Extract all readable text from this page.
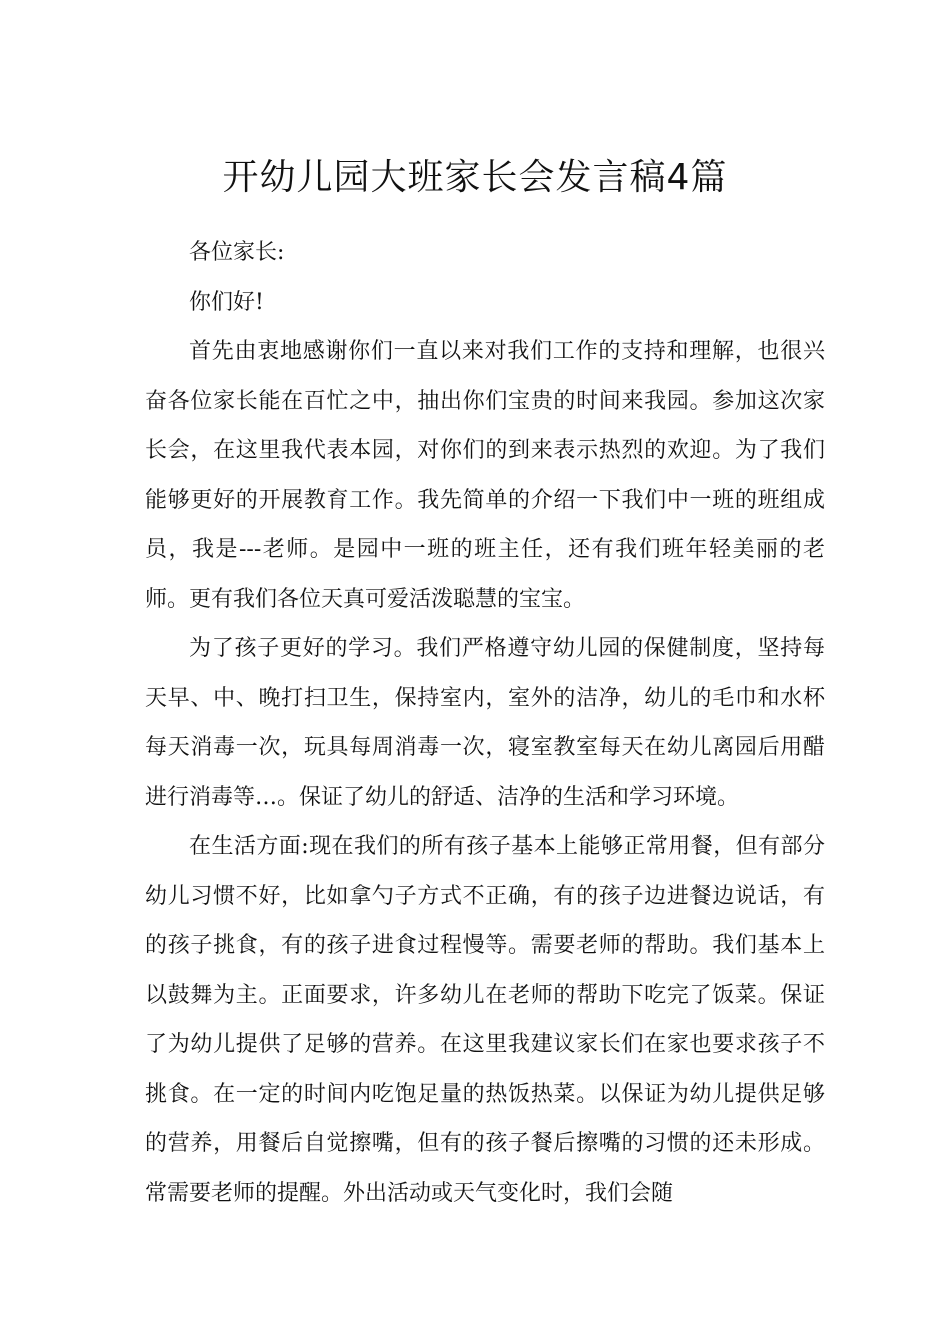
开幼儿园大班家长会发言稿4篇

各位家长:

你们好!

首先由衷地感谢你们一直以来对我们工作的支持和理解，也很兴奋各位家长能在百忙之中，抽出你们宝贵的时间来我园。参加这次家长会，在这里我代表本园，对你们的到来表示热烈的欢迎。为了我们能够更好的开展教育工作。我先简单的介绍一下我们中一班的班组成员，我是---老师。是园中一班的班主任，还有我们班年轻美丽的老师。更有我们各位天真可爱活泼聪慧的宝宝。

为了孩子更好的学习。我们严格遵守幼儿园的保健制度，坚持每天早、中、晚打扫卫生，保持室内，室外的洁净，幼儿的毛巾和水杯每天消毒一次，玩具每周消毒一次，寝室教室每天在幼儿离园后用醋进行消毒等…。保证了幼儿的舒适、洁净的生活和学习环境。

在生活方面:现在我们的所有孩子基本上能够正常用餐，但有部分幼儿习惯不好，比如拿勺子方式不正确，有的孩子边进餐边说话，有的孩子挑食，有的孩子进食过程慢等。需要老师的帮助。我们基本上以鼓舞为主。正面要求，许多幼儿在老师的帮助下吃完了饭菜。保证了为幼儿提供了足够的营养。在这里我建议家长们在家也要求孩子不挑食。在一定的时间内吃饱足量的热饭热菜。以保证为幼儿提供足够的营养，用餐后自觉擦嘴，但有的孩子餐后擦嘴的习惯的还未形成。常需要老师的提醒。外出活动或天气变化时，我们会随
